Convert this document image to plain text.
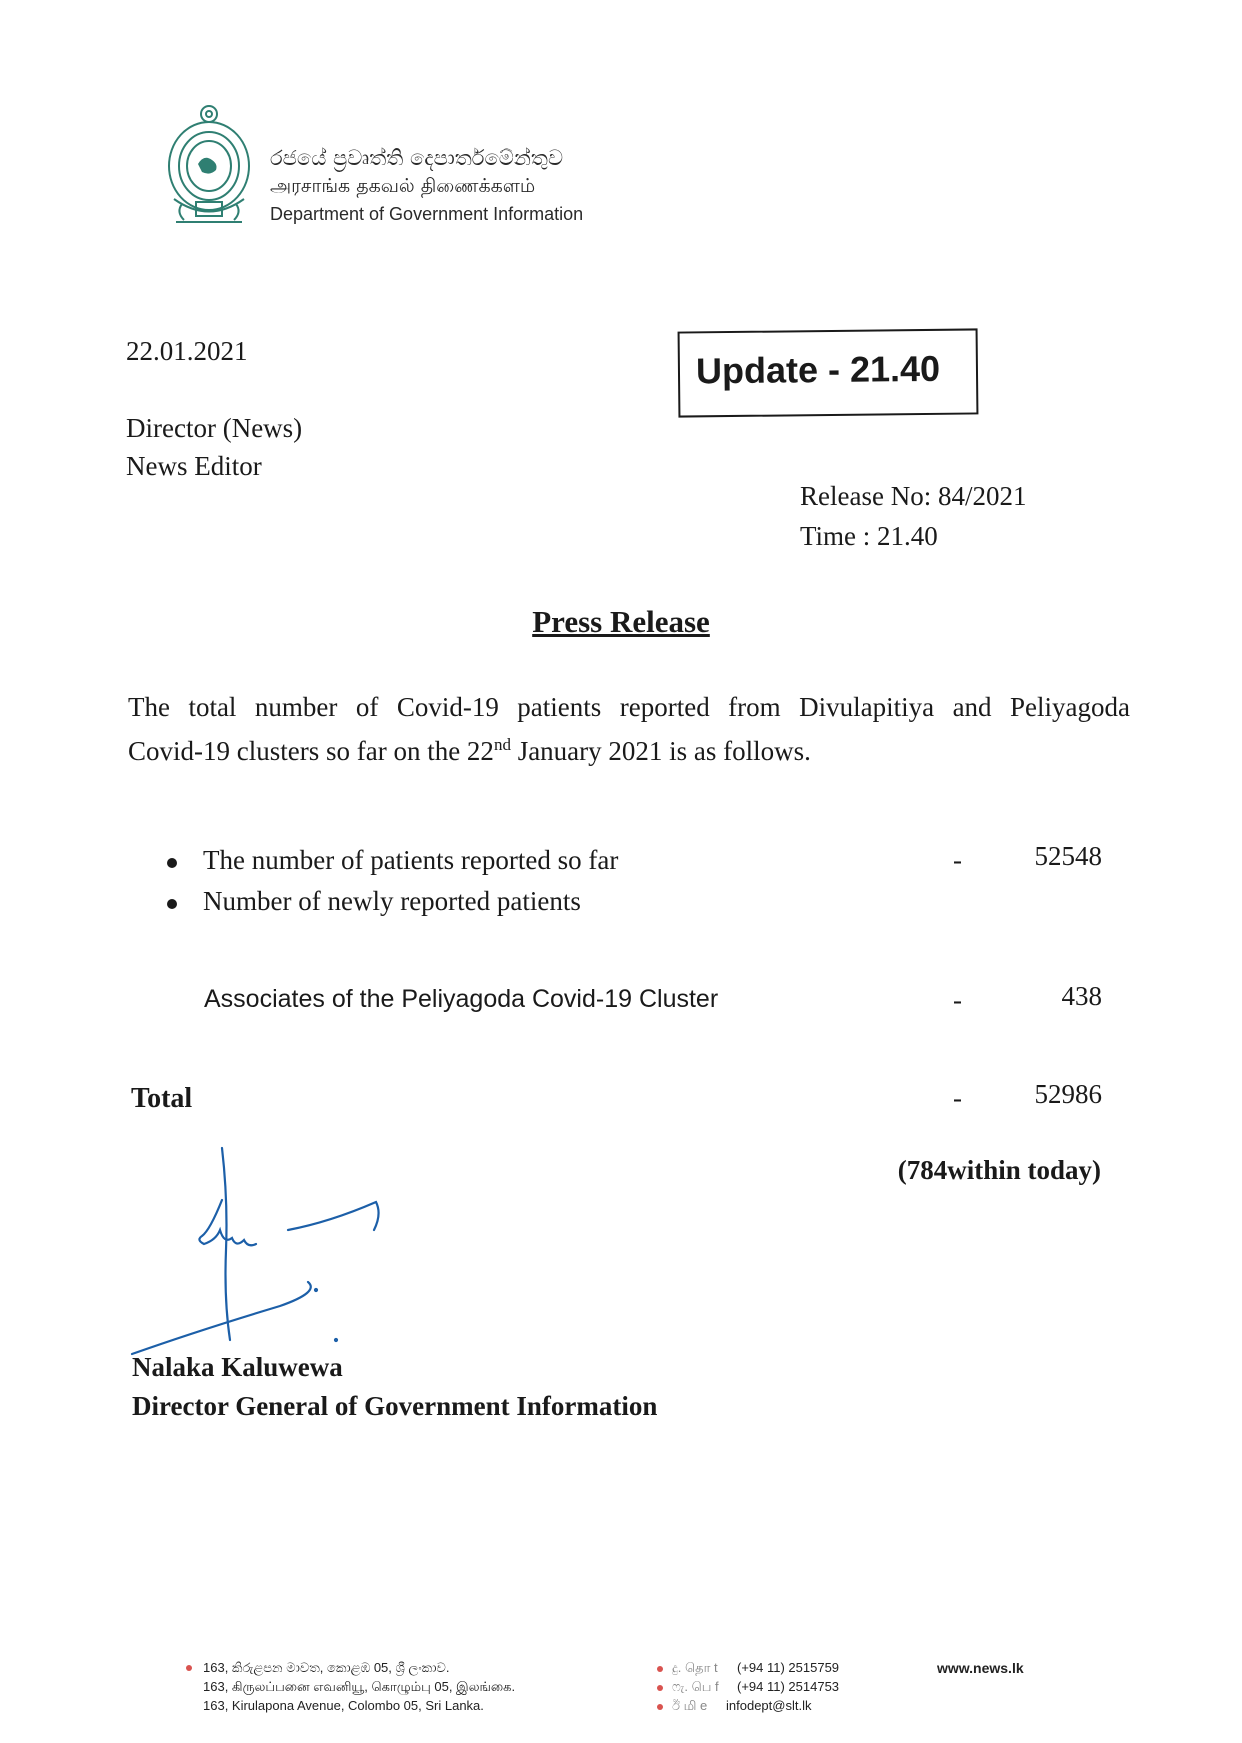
රජයේ ප්‍රවෘත්ති දෙපාර්තමේන්තුව
அரசாங்க தகவல் திணைக்களம்
Department of Government Information
22.01.2021
Director (News)
News Editor
Update - 21.40
Release No: 84/2021
Time : 21.40
Press Release
The total number of Covid-19 patients reported from Divulapitiya and Peliyagoda
Covid-19 clusters so far on the 22nd January 2021 is as follows.
The number of patients reported so far	-	52548
Number of newly reported patients
Associates of the Peliyagoda Covid-19 Cluster	-	438
Total	-	52986
(784within today)
Nalaka Kaluwewa
Director General of Government Information
163, කිරුළපන මාවත, කොළඹ 05, ශ්‍රී ලංකාව.
163, கிருலப்பனை எவனியூ, கொழும்பு 05, இலங்கை.
163, Kirulapona Avenue, Colombo 05, Sri Lanka.
දු. தொ t (+94 11) 2515759
ෆැ. பெ f (+94 11) 2514753
ඊ மி e infodept@slt.lk
www.news.lk
